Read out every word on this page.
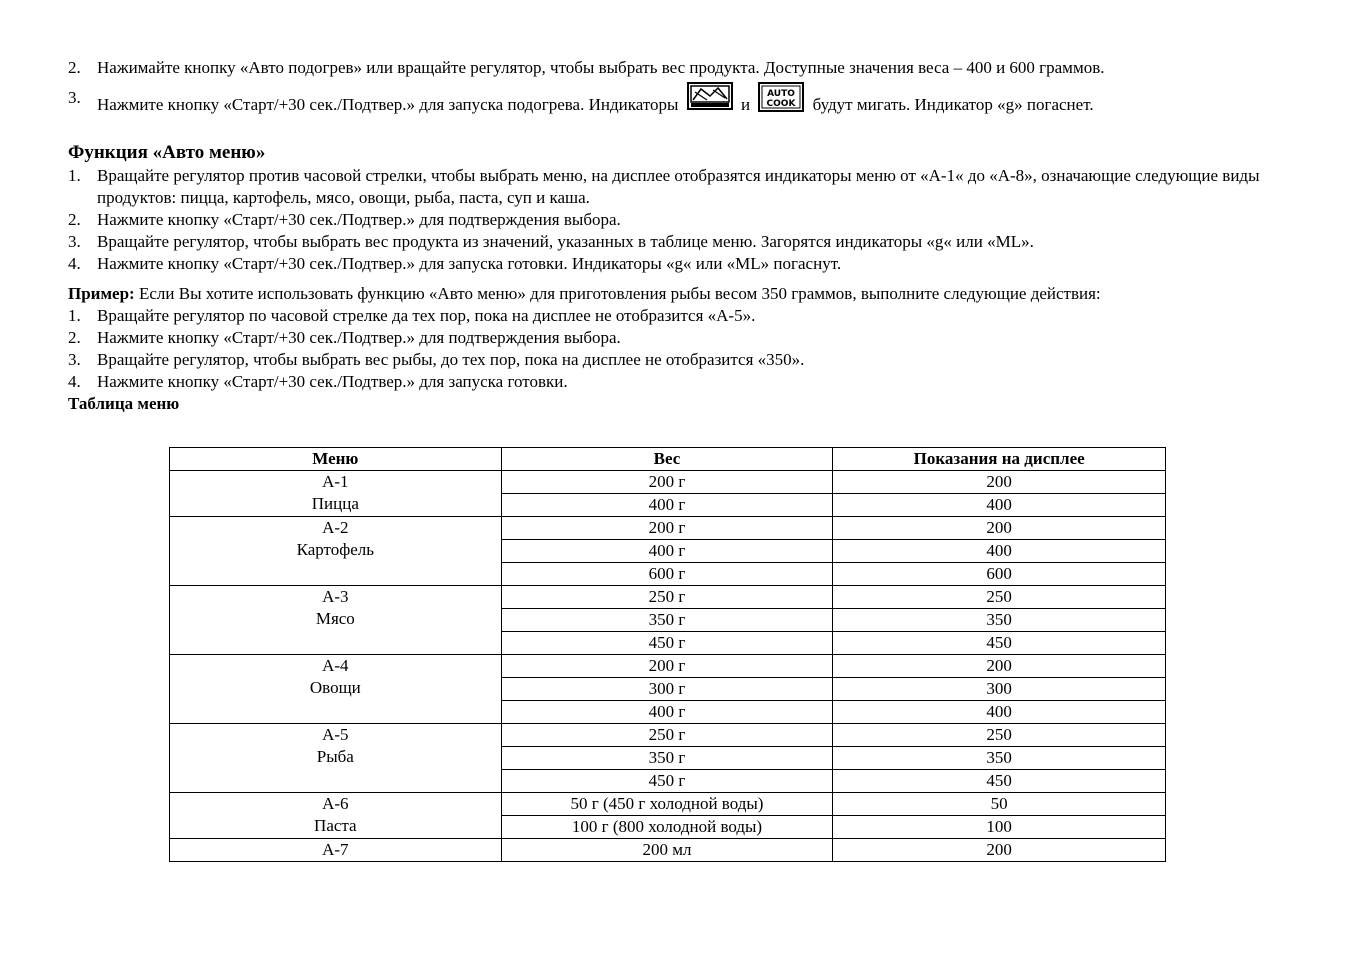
2. Нажимайте кнопку «Авто подогрев» или вращайте регулятор, чтобы выбрать вес продукта. Доступные значения веса – 400 и 600 граммов.
3. Нажмите кнопку «Старт/+30 сек./Подтвер.» для запуска подогрева. Индикаторы	и
AUTO
COOK будут мигать. Индикатор «g» погаснет.
Функция «Авто меню»
1. Вращайте регулятор против часовой стрелки, чтобы выбрать меню, на дисплее отобразятся индикаторы меню от «А-1« до «А-8», означающие следующие виды продуктов: пицца, картофель, мясо, овощи, рыба, паста, суп и каша.
2. Нажмите кнопку «Старт/+30 сек./Подтвер.» для подтверждения выбора.
3. Вращайте регулятор, чтобы выбрать вес продукта из значений, указанных в таблице меню. Загорятся индикаторы «g« или «ML».
4. Нажмите кнопку «Старт/+30 сек./Подтвер.» для запуска готовки. Индикаторы «g« или «ML» погаснут.
Пример: Если Вы хотите использовать функцию «Авто меню» для приготовления рыбы весом 350 граммов, выполните следующие действия:
1. Вращайте регулятор по часовой стрелке да тех пор, пока на дисплее не отобразится «А-5».
2. Нажмите кнопку «Старт/+30 сек./Подтвер.» для подтверждения выбора.
3. Вращайте регулятор, чтобы выбрать вес рыбы, до тех пор, пока на дисплее не отобразится «350».
4. Нажмите кнопку «Старт/+30 сек./Подтвер.» для запуска готовки.
Таблица меню
Меню	Вес	Показания на дисплее

А-1
Пицца	200 г	200
	400 г	400

А-2
Картофель	200 г	200
	400 г	400
	600 г	600

А-3
Мясо	250 г	250
	350 г	350
	450 г	450

А-4
Овощи	200 г	200
	300 г	300
	400 г	400

А-5
Рыба	250 г	250
	350 г	350
	450 г	450

А-6
Паста	50 г (450 г холодной воды)	50
	100 г (800 холодной воды)	100

А-7	200 мл	200
